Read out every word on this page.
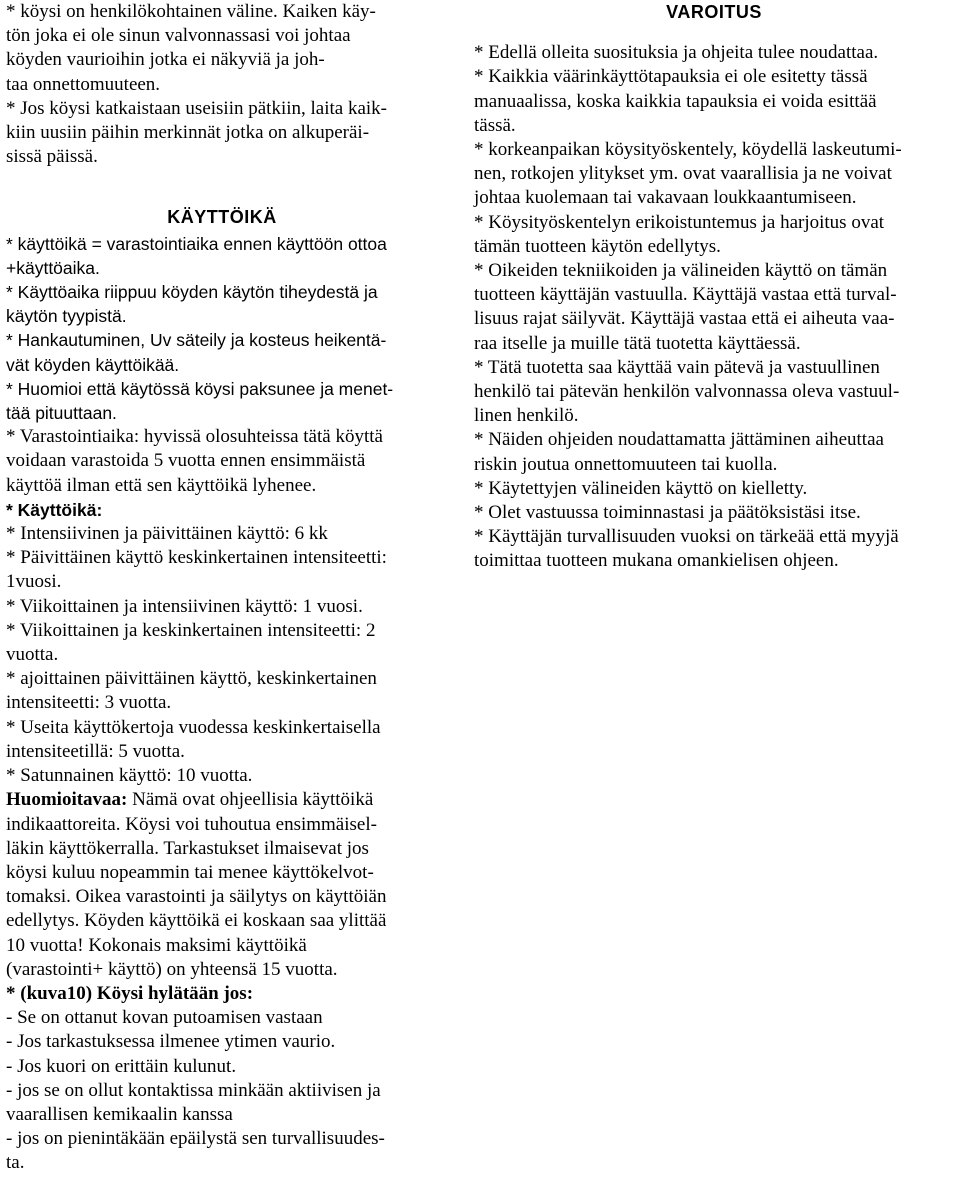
* köysi on henkilökohtainen väline. Kaiken käy-
tön joka ei ole sinun valvonnassasi voi johtaa
köyden vaurioihin jotka ei näkyviä ja joh-
taa onnettomuuteen.
* Jos köysi katkaistaan useisiin pätkiin, laita kaik-
kiin uusiin päihin merkinnät jotka on alkuperäi-
sissä päissä.
KÄYTTÖIKÄ
* käyttöikä = varastointiaika ennen käyttöön ottoa
+käyttöaika.
* Käyttöaika riippuu köyden käytön tiheydestä ja
käytön tyypistä.
* Hankautuminen, Uv säteily ja kosteus heikentä-
vät köyden käyttöikää.
* Huomioi että käytössä köysi paksunee ja menet-
tää pituuttaan.
* Varastointiaika: hyvissä olosuhteissa tätä köyttä
voidaan varastoida 5 vuotta ennen ensimmäistä
käyttöä ilman että sen käyttöikä lyhenee.
* Käyttöikä:
* Intensiivinen ja päivittäinen käyttö: 6 kk
* Päivittäinen käyttö keskinkertainen intensiteetti:
1vuosi.
* Viikoittainen ja intensiivinen käyttö: 1 vuosi.
* Viikoittainen ja keskinkertainen intensiteetti: 2
vuotta.
* ajoittainen päivittäinen käyttö, keskinkertainen
intensiteetti: 3 vuotta.
* Useita käyttökertoja vuodessa keskinkertaisella
intensiteetillä: 5 vuotta.
* Satunnainen käyttö: 10 vuotta.
Huomioitavaa: Nämä ovat ohjeellisia käyttöikä
indikaattoreita. Köysi voi tuhoutua ensimmäisel-
läkin käyttökerralla. Tarkastukset ilmaisevat jos
köysi kuluu nopeammin tai menee käyttökelvot-
tomaksi. Oikea varastointi ja säilytys on käyttöiän
edellytys. Köyden käyttöikä ei koskaan saa ylittää
10 vuotta! Kokonais maksimi käyttöikä
(varastointi+ käyttö) on yhteensä 15 vuotta.
* (kuva10) Köysi hylätään jos:
- Se on ottanut kovan putoamisen vastaan
- Jos tarkastuksessa ilmenee ytimen vaurio.
- Jos kuori on erittäin kulunut.
- jos se on ollut kontaktissa minkään aktiivisen ja
vaarallisen kemikaalin kanssa
- jos on pienintäkään epäilystä sen turvallisuudes-
ta.
VAROITUS
* Edellä olleita suosituksia ja ohjeita tulee noudattaa.
* Kaikkia väärinkäyttötapauksia ei ole esitetty tässä
manuaalissa, koska kaikkia tapauksia ei voida esittää
tässä.
* korkeanpaikan köysityöskentely, köydellä laskeutumi-
nen, rotkojen ylitykset ym. ovat vaarallisia ja ne voivat
johtaa kuolemaan tai vakavaan loukkaantumiseen.
* Köysityöskentelyn erikoistuntemus ja harjoitus ovat
tämän tuotteen käytön edellytys.
* Oikeiden tekniikoiden ja välineiden käyttö on tämän
tuotteen käyttäjän vastuulla. Käyttäjä vastaa että turval-
lisuus rajat säilyvät. Käyttäjä vastaa että ei aiheuta vaa-
raa itselle ja muille tätä tuotetta käyttäessä.
* Tätä tuotetta saa käyttää vain pätevä ja vastuullinen
henkilö tai pätevän henkilön valvonnassa oleva vastuul-
linen henkilö.
* Näiden ohjeiden noudattamatta jättäminen aiheuttaa
riskin joutua onnettomuuteen tai kuolla.
* Käytettyjen välineiden käyttö on kielletty.
* Olet vastuussa toiminnastasi ja päätöksistäsi itse.
* Käyttäjän turvallisuuden vuoksi on tärkeää että myyjä
toimittaa tuotteen mukana omankielisen ohjeen.
